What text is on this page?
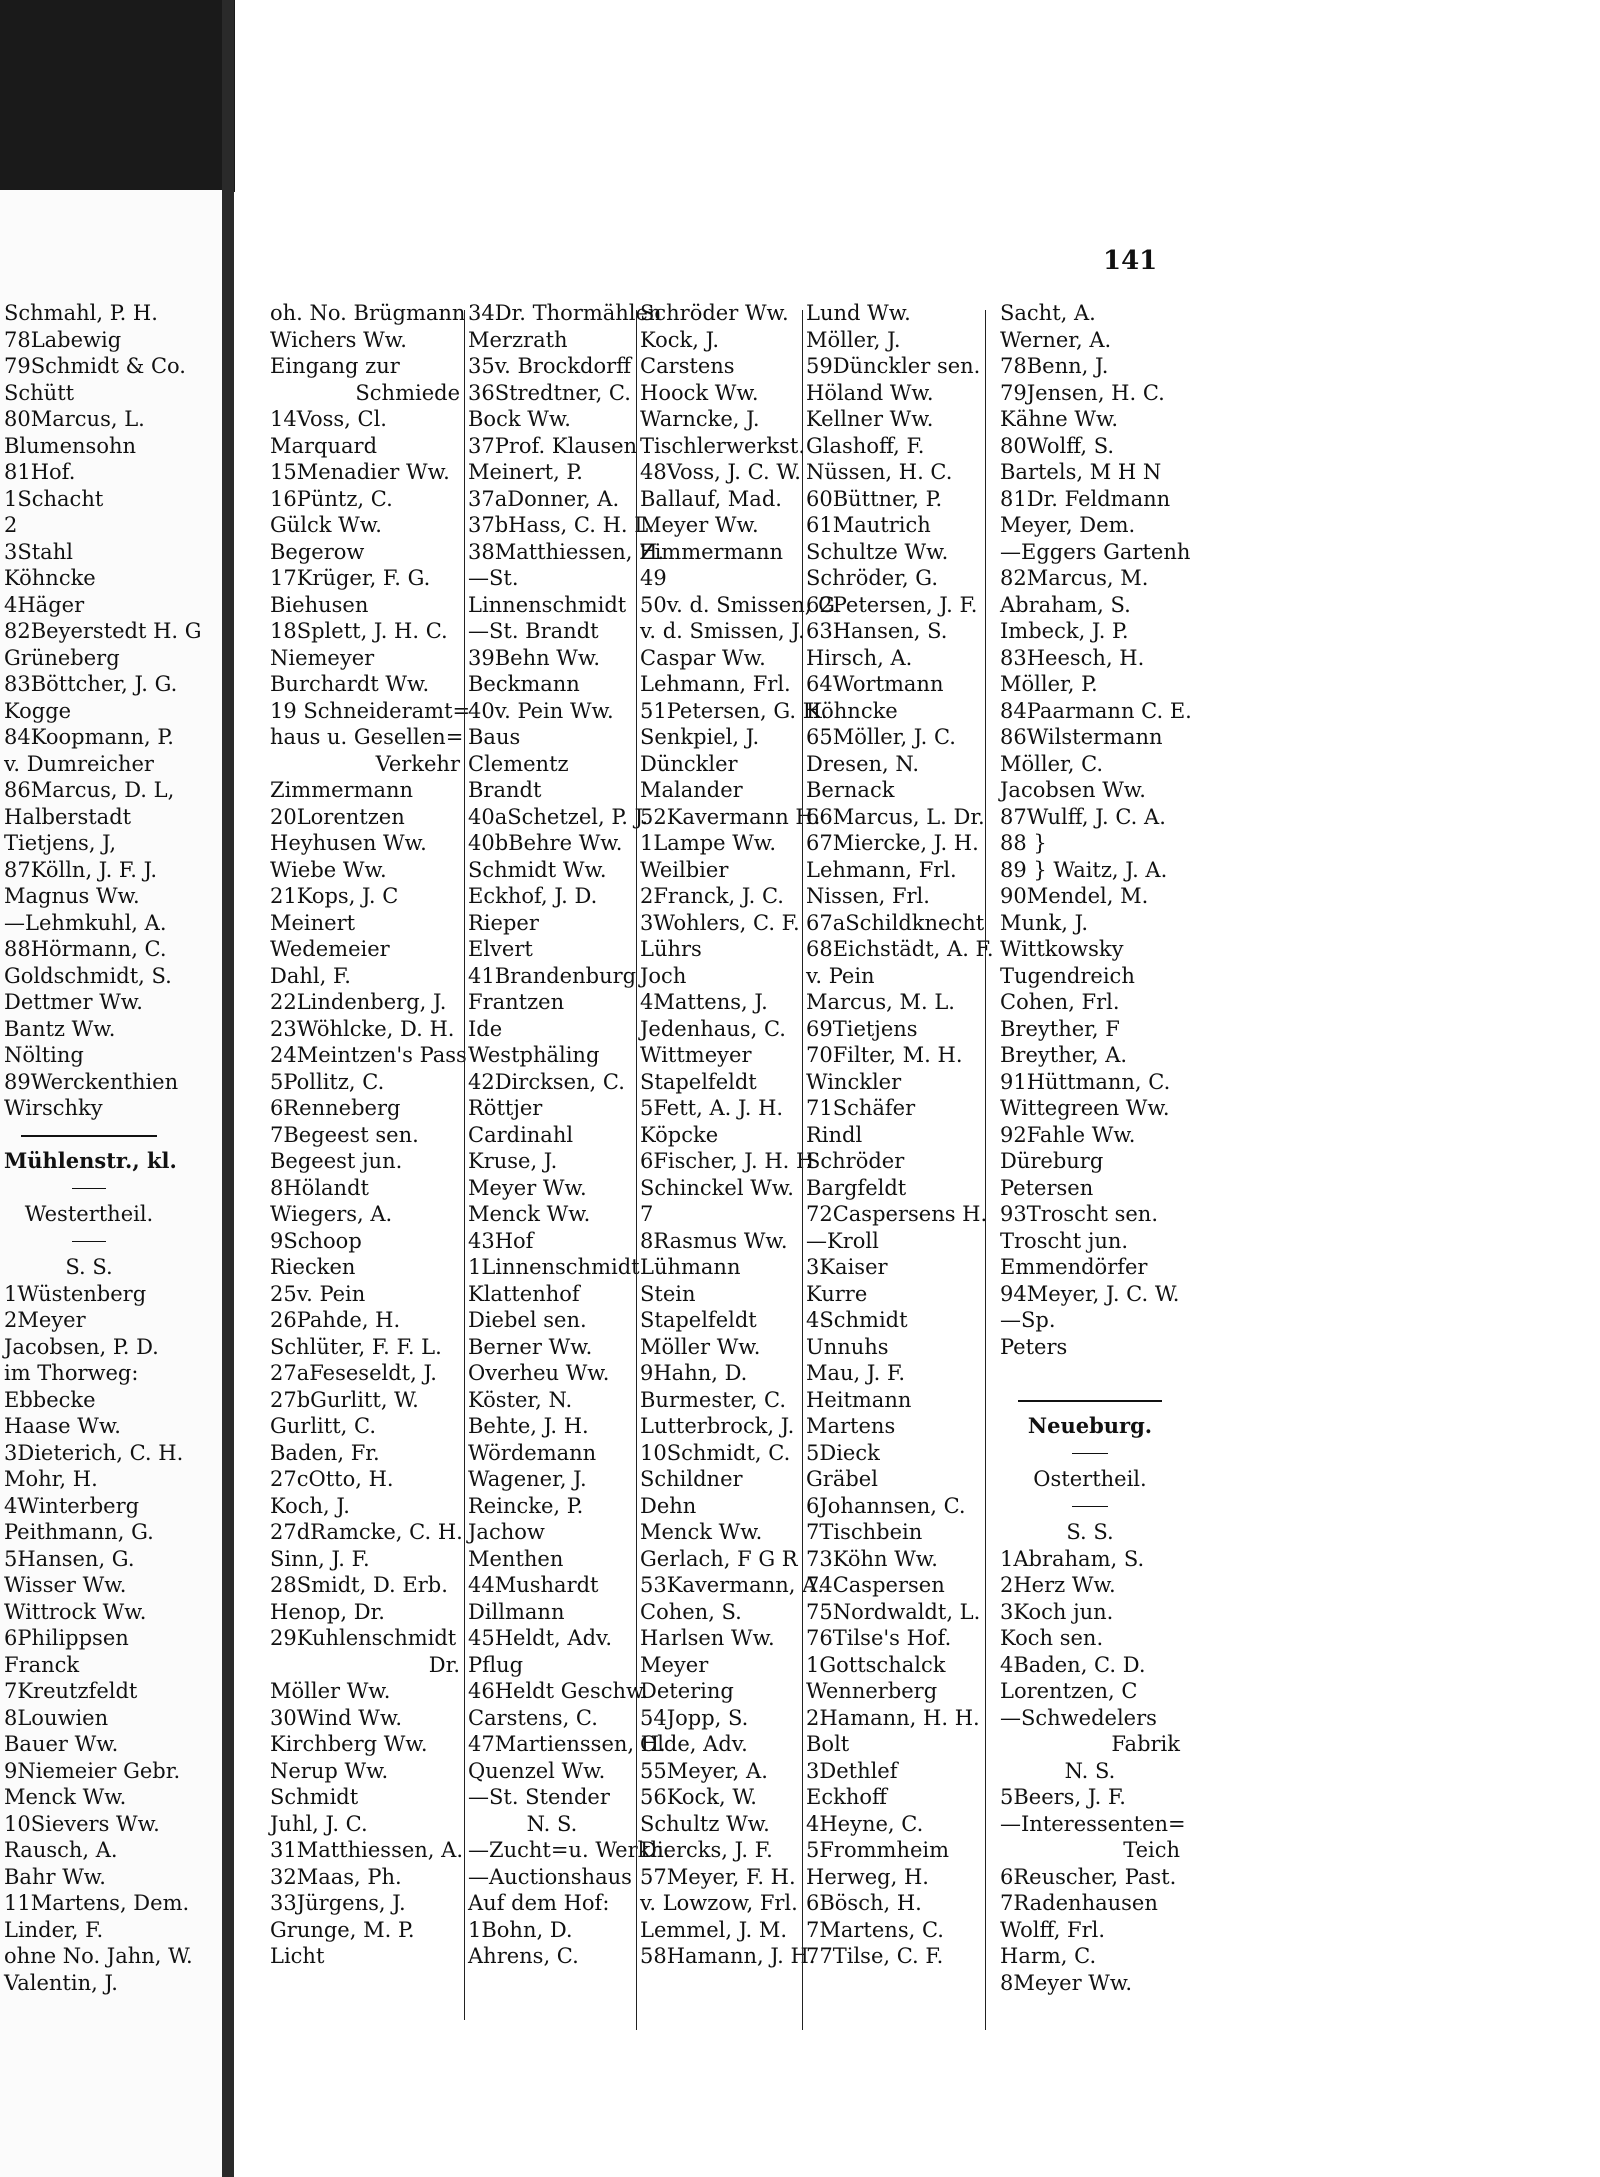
141
Schmahl, P. H.
78Labewig
79Schmidt & Co.
Schütt
80Marcus, L.
Blumensohn
81Hof.
1Schacht
2
3Stahl
Köhncke
4Häger
82Beyerstedt H. G
Grüneberg
83Böttcher, J. G.
Kogge
84Koopmann, P.
v. Dumreicher
86Marcus, D. L,
Halberstadt
Tietjens, J,
87Kölln, J. F. J.
Magnus Ww.
—Lehmkuhl, A.
88Hörmann, C.
Goldschmidt, S.
Dettmer Ww.
Bantz Ww.
Nölting
89Werckenthien
Wirschky
Mühlenstr., kl.
Westertheil.
S. S.
1Wüstenberg
2Meyer
Jacobsen, P. D.
im Thorweg:
Ebbecke
Haase Ww.
3Dieterich, C. H.
Mohr, H.
4Winterberg
Peithmann, G.
5Hansen, G.
Wisser Ww.
Wittrock Ww.
6Philippsen
Franck
7Kreutzfeldt
8Louwien
Bauer Ww.
9Niemeier Gebr.
Menck Ww.
10Sievers Ww.
Rausch, A.
Bahr Ww.
11Martens, Dem.
Linder, F.
ohne No. Jahn, W.
Valentin, J.
oh. No. Brügmann
Wichers Ww.
Eingang zur
Schmiede
14Voss, Cl.
Marquard
15Menadier Ww.
16Püntz, C.
Gülck Ww.
Begerow
17Krüger, F. G.
Biehusen
18Splett, J. H. C.
Niemeyer
Burchardt Ww.
19 Schneideramt=
haus u. Gesellen=
Verkehr
Zimmermann
20Lorentzen
Heyhusen Ww.
Wiebe Ww.
21Kops, J. C
Meinert
Wedemeier
Dahl, F.
22Lindenberg, J.
23Wöhlcke, D. H.
24Meintzen's Pass
5Pollitz, C.
6Renneberg
7Begeest sen.
Begeest jun.
8Hölandt
Wiegers, A.
9Schoop
Riecken
25v. Pein
26Pahde, H.
Schlüter, F. F. L.
27aFeseseldt, J.
27bGurlitt, W.
Gurlitt, C.
Baden, Fr.
27cOtto, H.
Koch, J.
27dRamcke, C. H.
Sinn, J. F.
28Smidt, D. Erb.
Henop, Dr.
29Kuhlenschmidt
Dr.
Möller Ww.
30Wind Ww.
Kirchberg Ww.
Nerup Ww.
Schmidt
Juhl, J. C.
31Matthiessen, A.
32Maas, Ph.
33Jürgens, J.
Grunge, M. P.
Licht
34Dr. Thormählen
Merzrath
35v. Brockdorff
36Stredtner, C.
Bock Ww.
37Prof. Klausen
Meinert, P.
37aDonner, A.
37bHass, C. H. L.
38Matthiessen, H.
—St.
Linnenschmidt
—St. Brandt
39Behn Ww.
Beckmann
40v. Pein Ww.
Baus
Clementz
Brandt
40aSchetzel, P. J.
40bBehre Ww.
Schmidt Ww.
Eckhof, J. D.
Rieper
Elvert
41Brandenburg
Frantzen
Ide
Westphäling
42Dircksen, C.
Röttjer
Cardinahl
Kruse, J.
Meyer Ww.
Menck Ww.
43Hof
1Linnenschmidt
Klattenhof
Diebel sen.
Berner Ww.
Overheu Ww.
Köster, N.
Behte, J. H.
Wördemann
Wagener, J.
Reincke, P.
Jachow
Menthen
44Mushardt
Dillmann
45Heldt, Adv.
Pflug
46Heldt Geschw.
Carstens, C.
47Martienssen, H.
Quenzel Ww.
—St. Stender
N. S.
—Zucht=u. Werkh.
—Auctionshaus
Auf dem Hof:
1Bohn, D.
Ahrens, C.
Schröder Ww.
Kock, J.
Carstens
Hoock Ww.
Warncke, J.
Tischlerwerkst.
48Voss, J. C. W.
Ballauf, Mad.
Meyer Ww.
Zimmermann
49
50v. d. Smissen, G.
v. d. Smissen, J.
Caspar Ww.
Lehmann, Frl.
51Petersen, G. H.
Senkpiel, J.
Dünckler
Malander
52Kavermann H.
1Lampe Ww.
Weilbier
2Franck, J. C.
3Wohlers, C. F.
Lührs
Joch
4Mattens, J.
Jedenhaus, C.
Wittmeyer
Stapelfeldt
5Fett, A. J. H.
Köpcke
6Fischer, J. H. H
Schinckel Ww.
7
8Rasmus Ww.
Lühmann
Stein
Stapelfeldt
Möller Ww.
9Hahn, D.
Burmester, C.
Lutterbrock, J.
10Schmidt, C.
Schildner
Dehn
Menck Ww.
Gerlach, F G R
53Kavermann, A.
Cohen, S.
Harlsen Ww.
Meyer
Detering
54Jopp, S.
Olde, Adv.
55Meyer, A.
56Kock, W.
Schultz Ww.
Diercks, J. F.
57Meyer, F. H.
v. Lowzow, Frl.
Lemmel, J. M.
58Hamann, J. H.
Lund Ww.
Möller, J.
59Dünckler sen.
Höland Ww.
Kellner Ww.
Glashoff, F.
Nüssen, H. C.
60Büttner, P.
61Mautrich
Schultze Ww.
Schröder, G.
62Petersen, J. F.
63Hansen, S.
Hirsch, A.
64Wortmann
Köhncke
65Möller, J. C.
Dresen, N.
Bernack
66Marcus, L. Dr.
67Miercke, J. H.
Lehmann, Frl.
Nissen, Frl.
67aSchildknecht
68Eichstädt, A. F.
v. Pein
Marcus, M. L.
69Tietjens
70Filter, M. H.
Winckler
71Schäfer
Rindl
Schröder
Bargfeldt
72Caspersens H.
—Kroll
3Kaiser
Kurre
4Schmidt
Unnuhs
Mau, J. F.
Heitmann
Martens
5Dieck
Gräbel
6Johannsen, C.
7Tischbein
73Köhn Ww.
74Caspersen
75Nordwaldt, L.
76Tilse's Hof.
1Gottschalck
Wennerberg
2Hamann, H. H.
Bolt
3Dethlef
Eckhoff
4Heyne, C.
5Frommheim
Herweg, H.
6Bösch, H.
7Martens, C.
77Tilse, C. F.
Sacht, A.
Werner, A.
78Benn, J.
79Jensen, H. C.
Kähne Ww.
80Wolff, S.
Bartels, M H N
81Dr. Feldmann
Meyer, Dem.
—Eggers Gartenh
82Marcus, M.
Abraham, S.
Imbeck, J. P.
83Heesch, H.
Möller, P.
84Paarmann C. E.
86Wilstermann
Möller, C.
Jacobsen Ww.
87Wulff, J. C. A.
88 }
89 } Waitz, J. A.
90Mendel, M.
Munk, J.
Wittkowsky
Tugendreich
Cohen, Frl.
Breyther, F
Breyther, A.
91Hüttmann, C.
Wittegreen Ww.
92Fahle Ww.
Düreburg
Petersen
93Troscht sen.
Troscht jun.
Emmendörfer
94Meyer, J. C. W.
—Sp.
Peters
Neueburg.
Ostertheil.
S. S.
1Abraham, S.
2Herz Ww.
3Koch jun.
Koch sen.
4Baden, C. D.
Lorentzen, C
—Schwedelers
Fabrik
N. S.
5Beers, J. F.
—Interessenten=
Teich
6Reuscher, Past.
7Radenhausen
Wolff, Frl.
Harm, C.
8Meyer Ww.
